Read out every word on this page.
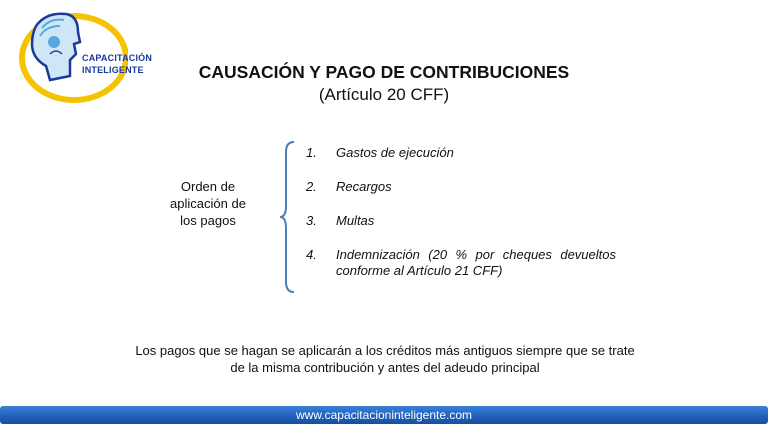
CAPACITACIÓN
INTELIGENTE	CAUSACIÓN Y PAGO DE CONTRIBUCIONES
(Artículo 20 CFF)
Orden de aplicación de los pagos
1.	Gastos de ejecución
2.	Recargos
3.	Multas
4.	Indemnización (20 % por cheques devueltos conforme al Artículo 21 CFF)
Los pagos que se hagan se aplicarán a los créditos más antiguos siempre que se trate de la misma contribución y antes del adeudo principal
www.capacitacioninteligente.com
